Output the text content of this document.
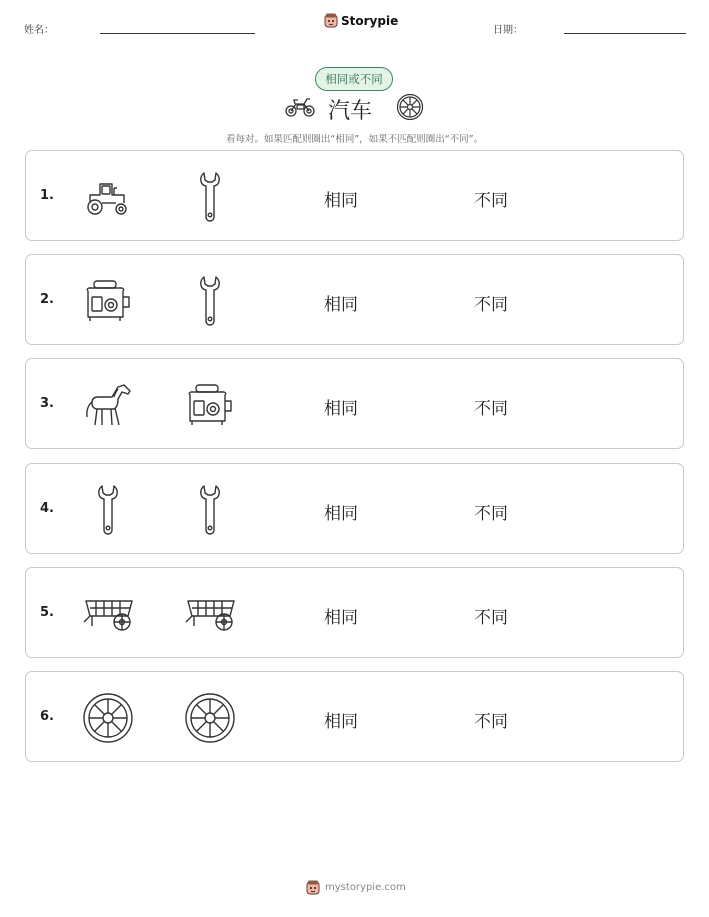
姓名：
Storypie
日期：
相同或不同
汽车
看每对。如果匹配则圈出“相同”，如果不匹配则圈出“不同”。
1.	相同	不同
2.	相同	不同
3.	相同	不同
4.	相同	不同
5.	相同	不同
6.	相同	不同
mystorypie.com
